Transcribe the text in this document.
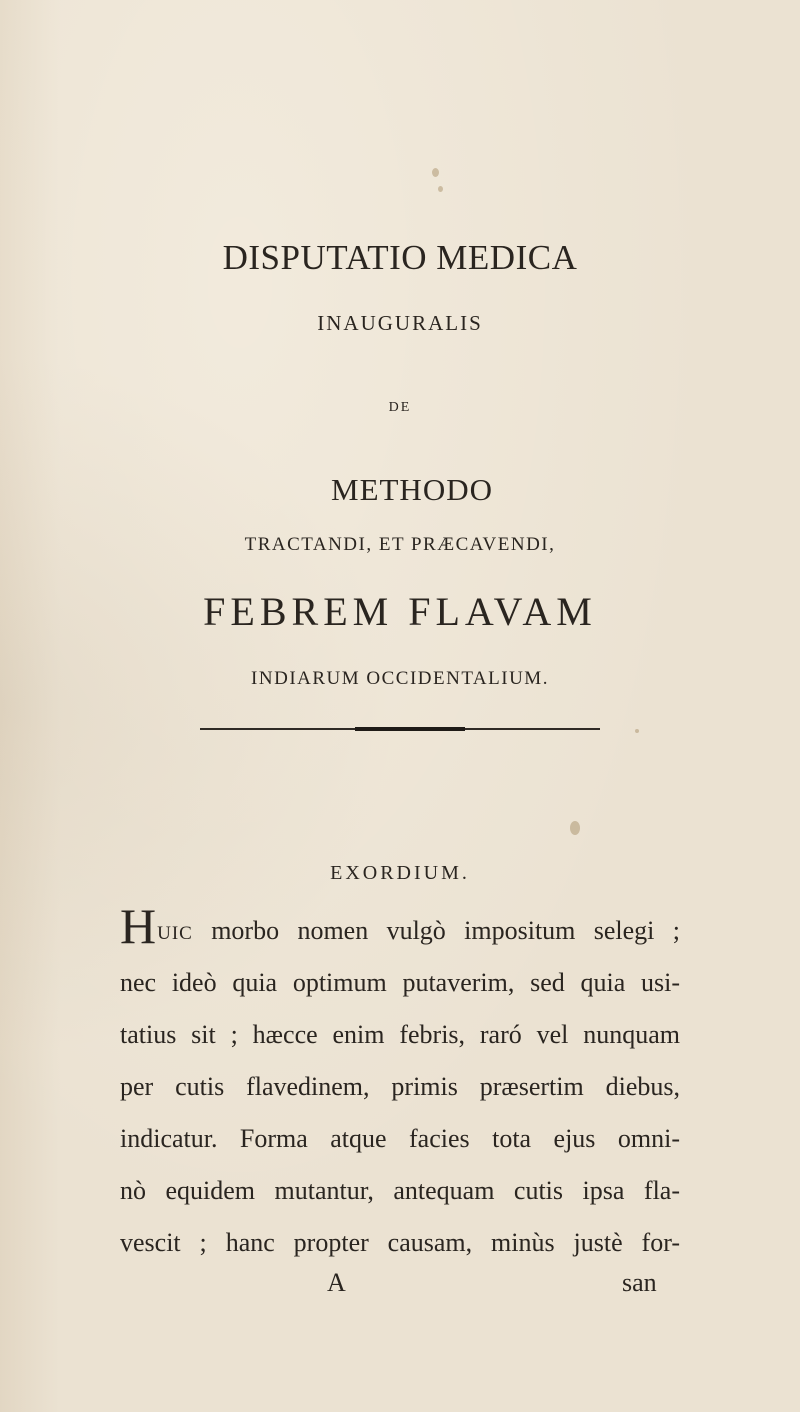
DISPUTATIO MEDICA
INAUGURALIS
DE
METHODO
TRACTANDI, ET PRÆCAVENDI,
FEBREM FLAVAM
INDIARUM OCCIDENTALIUM.
EXORDIUM.
HUIC morbo nomen vulgò impositum selegi ;
nec ideò quia optimum putaverim, sed quia usi-
tatius sit ; hæcce enim febris, raró vel nunquam
per cutis flavedinem, primis præsertim diebus,
indicatur. Forma atque facies tota ejus omni-
nò equidem mutantur, antequam cutis ipsa fla-
vescit ; hanc propter causam, minùs justè for-
A	san
